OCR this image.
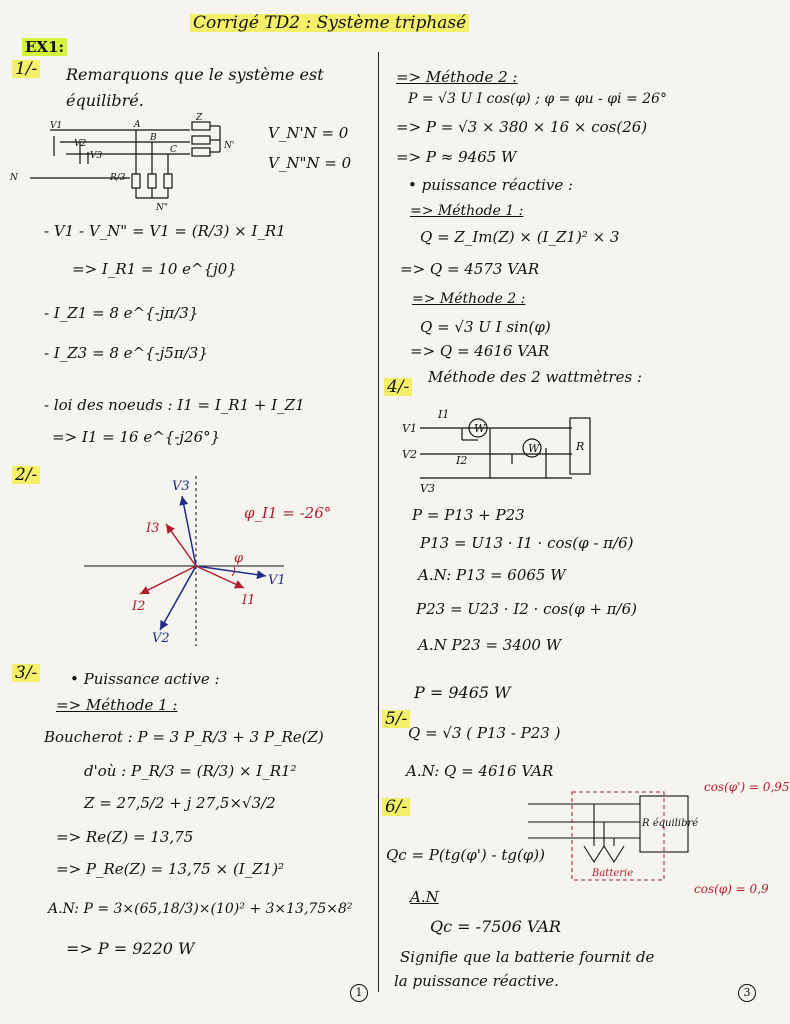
Corrigé TD2 : Système triphasé
EX1:
1/- Remarquons que le système est
équilibré.
V1
V2
V3
A
B
C
Z
N
N'
N"
R/3
V_N'N = 0
V_N"N = 0
- V1 - V_N" = V1 = (R/3) × I_R1
=> I_R1 = 10 e^{j0}
- I_Z1 = 8 e^{-jπ/3}
- I_Z3 = 8 e^{-j5π/3}
- loi des noeuds : I1 = I_R1 + I_Z1
=> I1 = 16 e^{-j26°}
2/-
φ_I1 = -26°
V1
V2
V3
I1
I2
I3
φ
3/- • Puissance active :
=> Méthode 1 :
Boucherot : P = 3 P_R/3 + 3 P_Re(Z)
d'où : P_R/3 = (R/3) × I_R1²
Z = 27,5/2 + j 27,5×√3/2
=> Re(Z) = 13,75
=> P_Re(Z) = 13,75 × (I_Z1)²
A.N: P = 3×(65,18/3)×(10)² + 3×13,75×8²
=> P = 9220 W
1
=> Méthode 2 :
P = √3 U I cos(φ) ; φ = φu - φi = 26°
=> P = √3 × 380 × 16 × cos(26)
=> P ≈ 9465 W
• puissance réactive :
=> Méthode 1 :
Q = Z_Im(Z) × (I_Z1)² × 3
=> Q = 4573 VAR
=> Méthode 2 :
Q = √3 U I sin(φ)
=> Q = 4616 VAR
4/- Méthode des 2 wattmètres :
I1
I2
V1
V2
V3
W
W	R
P = P13 + P23
P13 = U13 · I1 · cos(φ - π/6)
A.N: P13 = 6065 W
P23 = U23 · I2 · cos(φ + π/6)
A.N P23 = 3400 W
P = 9465 W
5/-
Q = √3 ( P13 - P23 )
A.N: Q = 4616 VAR
6/-
R équilibré
Batterie
cos(φ') = 0,95
cos(φ) = 0,9
Qc = P(tg(φ') - tg(φ))
A.N
Qc = -7506 VAR
Signifie que la batterie fournit de
la puissance réactive.
3
